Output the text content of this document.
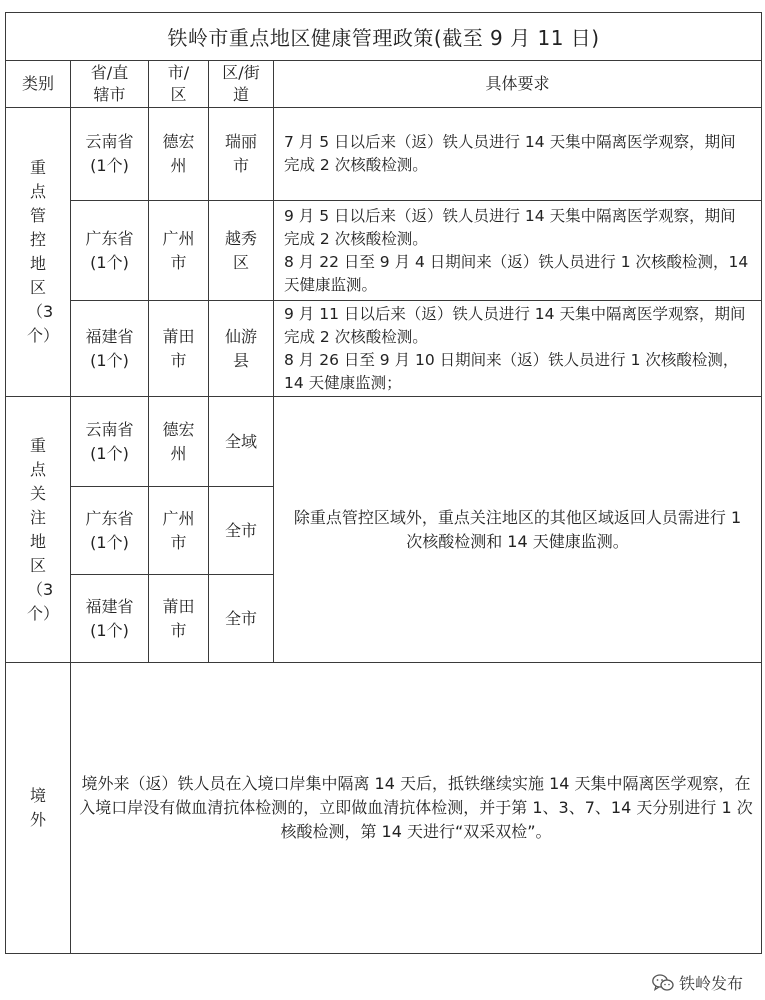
铁岭市重点地区健康管理政策(截至 9 月 11 日)
类别
省/直辖市
市/区
区/街道
具体要求
重点管控地区（3个）
云南省(1个)
德宏州
瑞丽市

7 月 5 日以后来（返）铁人员进行 14 天集中隔离医学观察，期间完成 2 次核酸检测。

广东省(1个)
广州市
越秀区

9 月 5 日以后来（返）铁人员进行 14 天集中隔离医学观察，期间完成 2 次核酸检测。

8 月 22 日至 9 月 4 日期间来（返）铁人员进行 1 次核酸检测，14 天健康监测。

福建省(1个)
莆田市
仙游县

9 月 11 日以后来（返）铁人员进行 14 天集中隔离医学观察，期间完成 2 次核酸检测。

8 月 26 日至 9 月 10 日期间来（返）铁人员进行 1 次核酸检测，14 天健康监测；

重点关注地区（3个）
云南省(1个)
德宏州
全域
广东省(1个)
广州市
全市
福建省(1个)
莆田市
全市
除重点管控区域外，重点关注地区的其他区域返回人员需进行 1 次核酸检测和 14 天健康监测。
境外
境外来（返）铁人员在入境口岸集中隔离 14 天后，抵铁继续实施 14 天集中隔离医学观察，在入境口岸没有做血清抗体检测的，立即做血清抗体检测，并于第 1、3、7、14 天分别进行 1 次核酸检测，第 14 天进行“双采双检”。
铁岭发布
